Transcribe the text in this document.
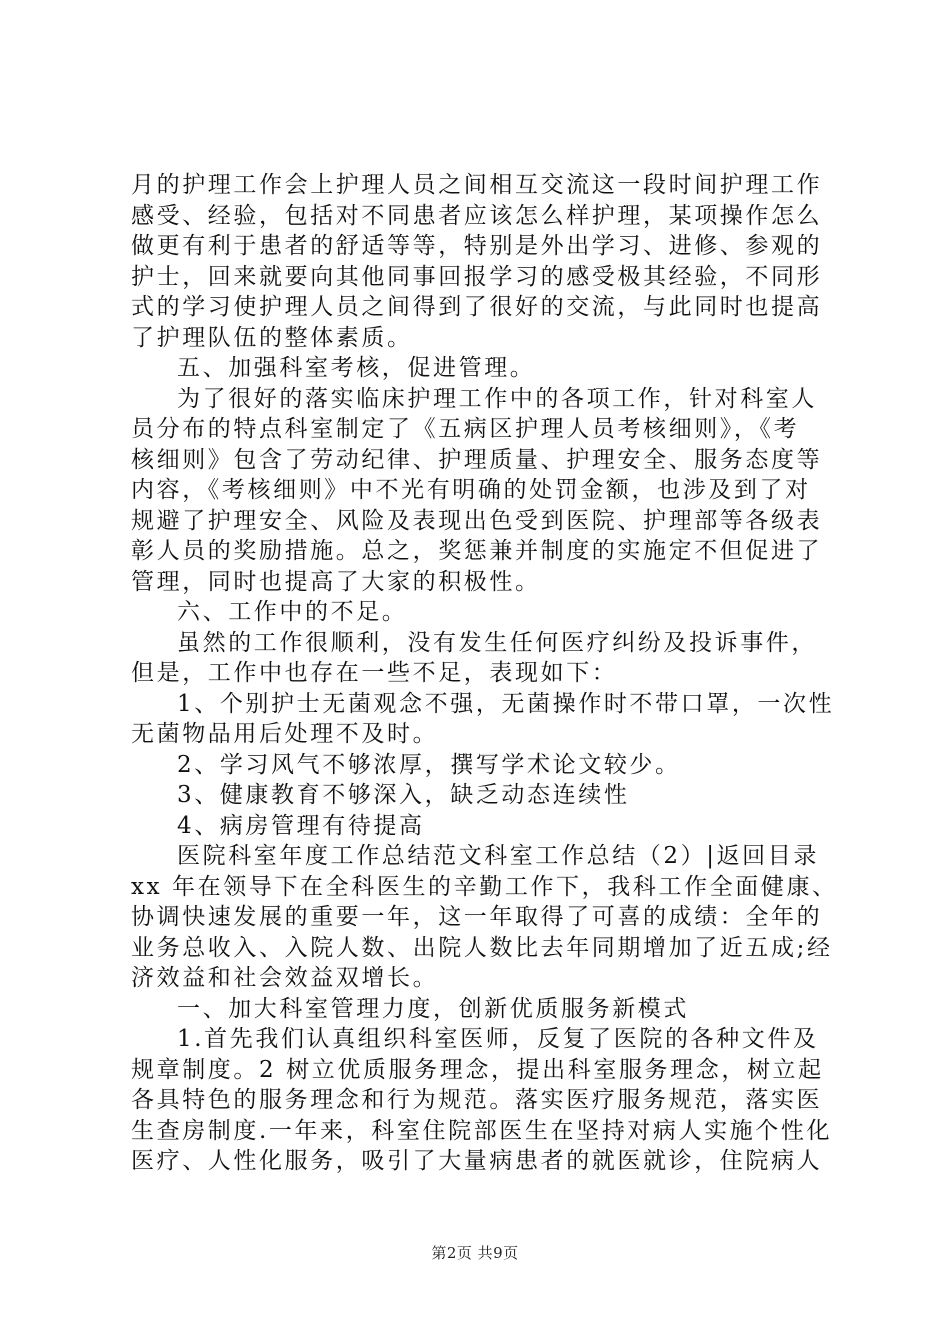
月的护理工作会上护理人员之间相互交流这一段时间护理工作
感受、经验，包括对不同患者应该怎么样护理，某项操作怎么
做更有利于患者的舒适等等，特别是外出学习、进修、参观的
护士，回来就要向其他同事回报学习的感受极其经验，不同形
式的学习使护理人员之间得到了很好的交流，与此同时也提高
了护理队伍的整体素质。
五、加强科室考核，促进管理。
为了很好的落实临床护理工作中的各项工作，针对科室人
员分布的特点科室制定了《五病区护理人员考核细则》，《考
核细则》包含了劳动纪律、护理质量、护理安全、服务态度等
内容，《考核细则》中不光有明确的处罚金额，也涉及到了对
规避了护理安全、风险及表现出色受到医院、护理部等各级表
彰人员的奖励措施。总之，奖惩兼并制度的实施定不但促进了
管理，同时也提高了大家的积极性。
六、工作中的不足。
虽然的工作很顺利，没有发生任何医疗纠纷及投诉事件，
但是，工作中也存在一些不足，表现如下：
1、个别护士无菌观念不强，无菌操作时不带口罩，一次性
无菌物品用后处理不及时。
2、学习风气不够浓厚，撰写学术论文较少。
3、健康教育不够深入，缺乏动态连续性
4、病房管理有待提高
医院科室年度工作总结范文科室工作总结（2）|返回目录
xx 年在领导下在全科医生的辛勤工作下，我科工作全面健康、
协调快速发展的重要一年，这一年取得了可喜的成绩：全年的
业务总收入、入院人数、出院人数比去年同期增加了近五成;经
济效益和社会效益双增长。
一、加大科室管理力度，创新优质服务新模式
1.首先我们认真组织科室医师，反复了医院的各种文件及
规章制度。2 树立优质服务理念，提出科室服务理念，树立起
各具特色的服务理念和行为规范。落实医疗服务规范，落实医
生查房制度.一年来，科室住院部医生在坚持对病人实施个性化
医疗、人性化服务，吸引了大量病患者的就医就诊，住院病人
第2页 共9页
